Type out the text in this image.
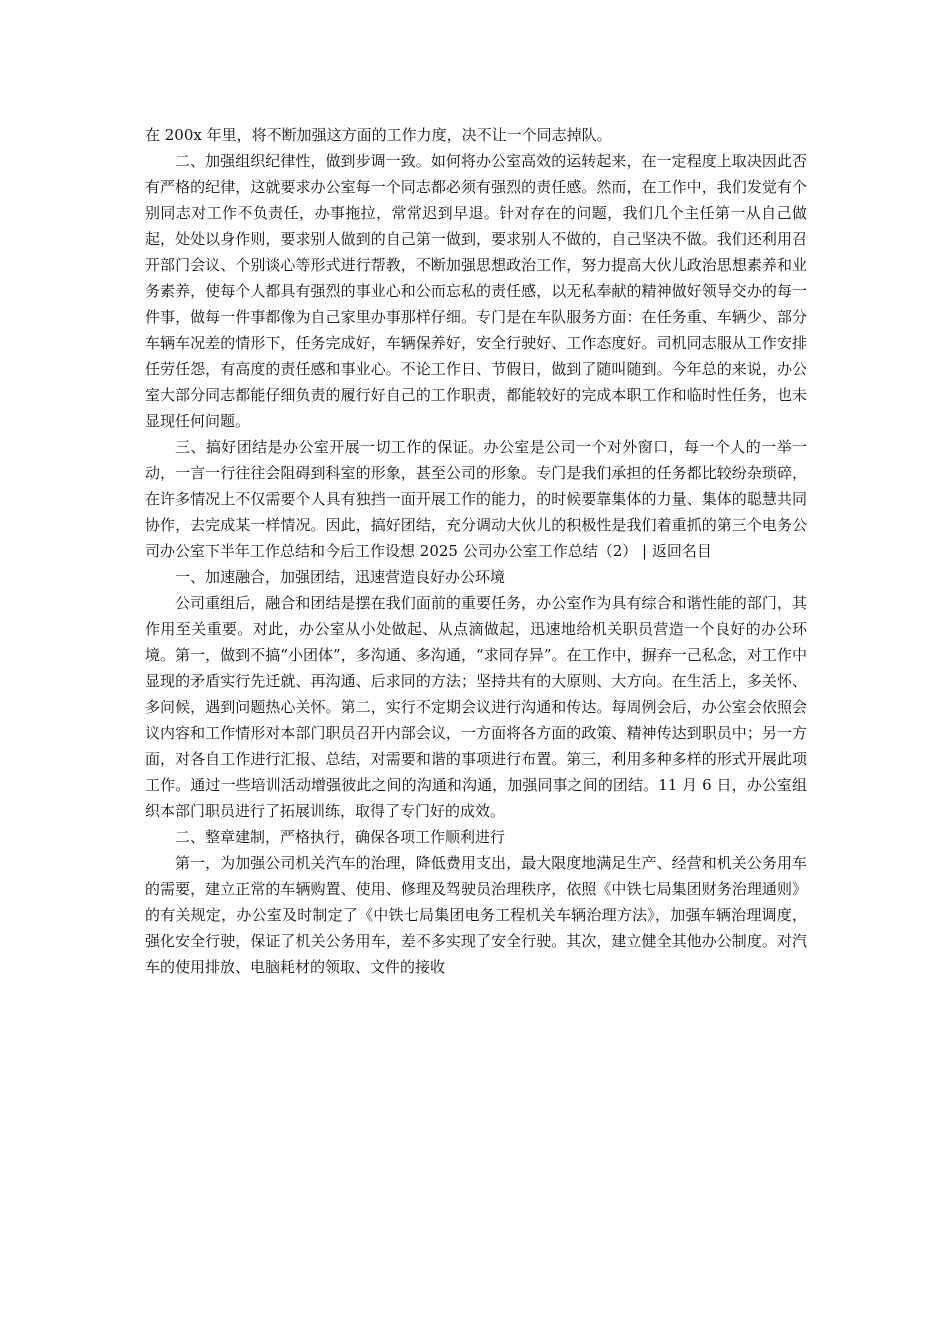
在 200x 年里，将不断加强这方面的工作力度，决不让一个同志掉队。

二、加强组织纪律性，做到步调一致。如何将办公室高效的运转起来，在一定程度上取决因此否有严格的纪律，这就要求办公室每一个同志都必须有强烈的责任感。然而，在工作中，我们发觉有个别同志对工作不负责任，办事拖拉，常常迟到早退。针对存在的问题，我们几个主任第一从自己做起，处处以身作则，要求别人做到的自己第一做到，要求别人不做的，自己坚决不做。我们还利用召开部门会议、个别谈心等形式进行帮教，不断加强思想政治工作，努力提高大伙儿政治思想素养和业务素养，使每个人都具有强烈的事业心和公而忘私的责任感，以无私奉献的精神做好领导交办的每一件事，做每一件事都像为自己家里办事那样仔细。专门是在车队服务方面：在任务重、车辆少、部分车辆车况差的情形下，任务完成好，车辆保养好，安全行驶好、工作态度好。司机同志服从工作安排任劳任怨，有高度的责任感和事业心。不论工作日、节假日，做到了随叫随到。今年总的来说，办公室大部分同志都能仔细负责的履行好自己的工作职责，都能较好的完成本职工作和临时性任务，也未显现任何问题。

三、搞好团结是办公室开展一切工作的保证。办公室是公司一个对外窗口，每一个人的一举一动，一言一行往往会阻碍到科室的形象，甚至公司的形象。专门是我们承担的任务都比较纷杂琐碎，在许多情况上不仅需要个人具有独挡一面开展工作的能力，的时候要靠集体的力量、集体的聪慧共同协作，去完成某一样情况。因此，搞好团结，充分调动大伙儿的积极性是我们着重抓的第三个电务公司办公室下半年工作总结和今后工作设想 2025 公司办公室工作总结（2） | 返回名目

一、加速融合，加强团结，迅速营造良好办公环境

公司重组后，融合和团结是摆在我们面前的重要任务，办公室作为具有综合和谐性能的部门，其作用至关重要。对此，办公室从小处做起、从点滴做起，迅速地给机关职员营造一个良好的办公环境。第一，做到不搞“小团体”，多沟通、多沟通，“求同存异”。在工作中，摒弃一己私念，对工作中显现的矛盾实行先迁就、再沟通、后求同的方法；坚持共有的大原则、大方向。在生活上，多关怀、多问候，遇到问题热心关怀。第二，实行不定期会议进行沟通和传达。每周例会后，办公室会依照会议内容和工作情形对本部门职员召开内部会议，一方面将各方面的政策、精神传达到职员中；另一方面，对各自工作进行汇报、总结，对需要和谐的事项进行布置。第三，利用多种多样的形式开展此项工作。通过一些培训活动增强彼此之间的沟通和沟通，加强同事之间的团结。11 月 6 日，办公室组织本部门职员进行了拓展训练，取得了专门好的成效。

二、整章建制，严格执行，确保各项工作顺利进行

第一，为加强公司机关汽车的治理，降低费用支出，最大限度地满足生产、经营和机关公务用车的需要，建立正常的车辆购置、使用、修理及驾驶员治理秩序，依照《中铁七局集团财务治理通则》的有关规定，办公室及时制定了《中铁七局集团电务工程机关车辆治理方法》，加强车辆治理调度，强化安全行驶，保证了机关公务用车，差不多实现了安全行驶。其次，建立健全其他办公制度。对汽车的使用排放、电脑耗材的领取、文件的接收
